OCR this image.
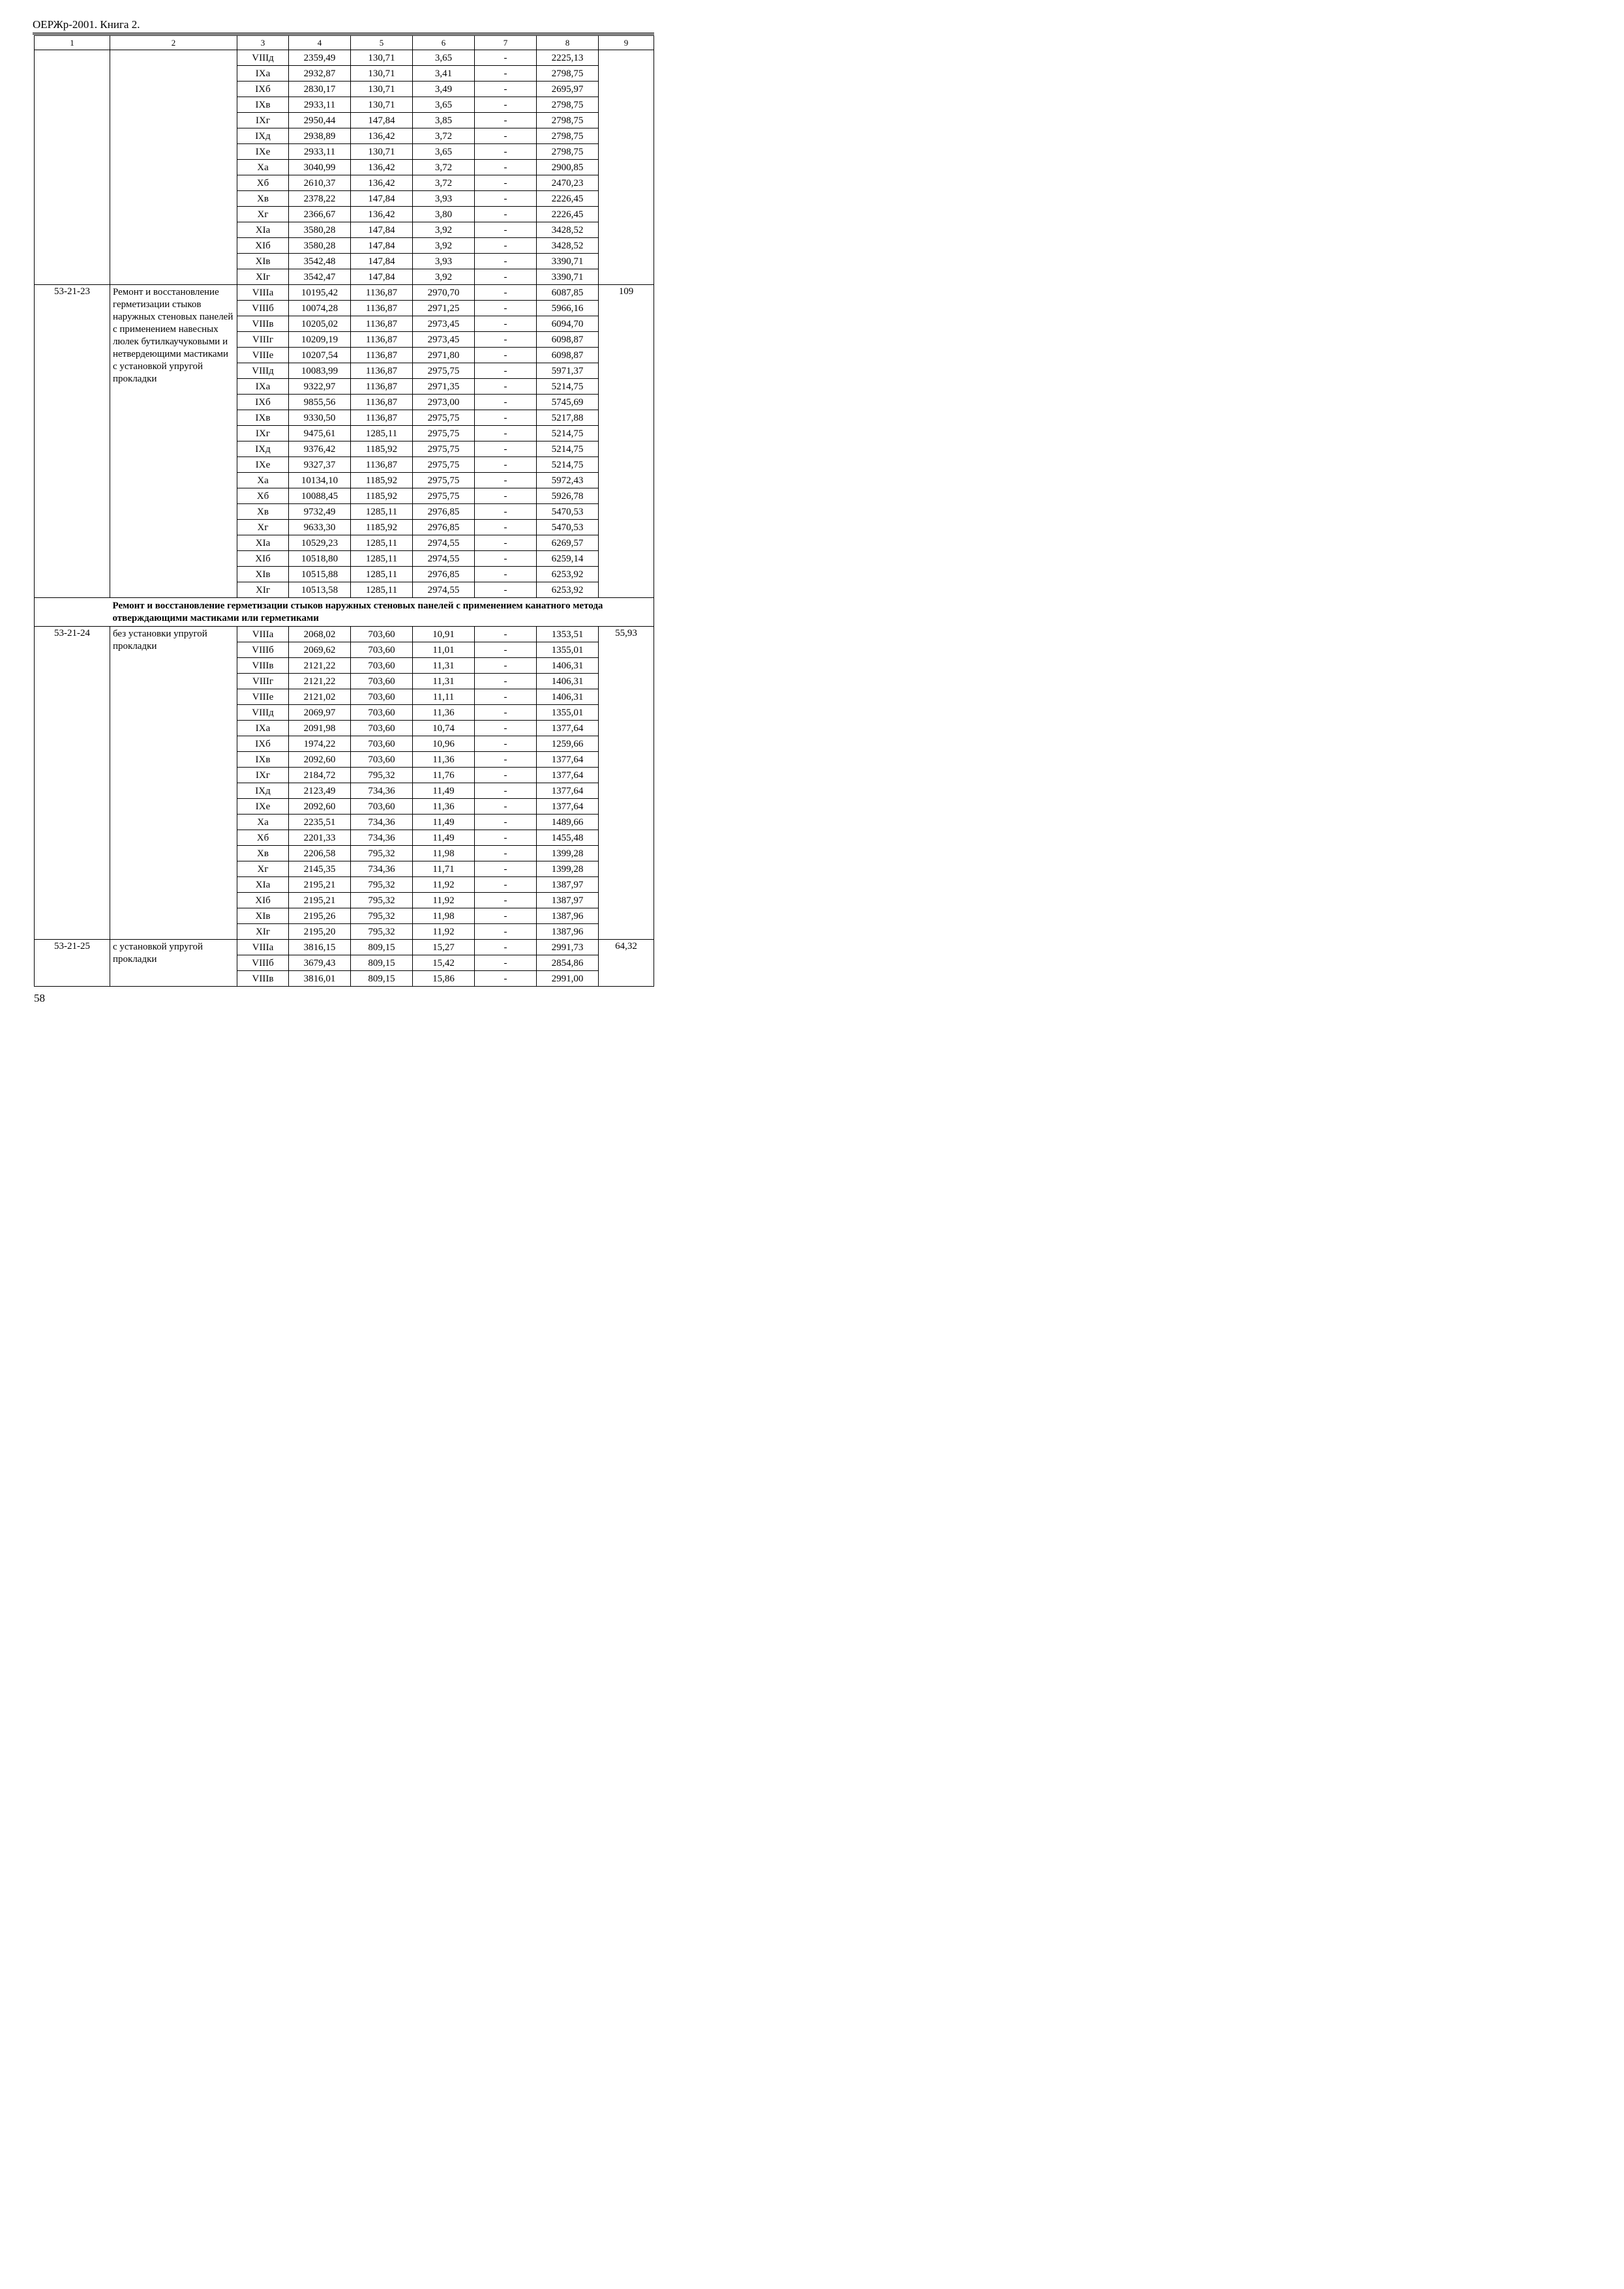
ОЕРЖр-2001. Книга 2.
1	2	3	4	5	6	7	8	9
		VIIIд	2359,49	130,71	3,65	-	2225,13	
		IXа	2932,87	130,71	3,41	-	2798,75	
		IXб	2830,17	130,71	3,49	-	2695,97	
		IXв	2933,11	130,71	3,65	-	2798,75	
		IXг	2950,44	147,84	3,85	-	2798,75	
		IXд	2938,89	136,42	3,72	-	2798,75	
		IXе	2933,11	130,71	3,65	-	2798,75	
		Xа	3040,99	136,42	3,72	-	2900,85	
		Xб	2610,37	136,42	3,72	-	2470,23	
		Xв	2378,22	147,84	3,93	-	2226,45	
		Xг	2366,67	136,42	3,80	-	2226,45	
		XIа	3580,28	147,84	3,92	-	3428,52	
		XIб	3580,28	147,84	3,92	-	3428,52	
		XIв	3542,48	147,84	3,93	-	3390,71	
		XIг	3542,47	147,84	3,92	-	3390,71	
53-21-23	Ремонт и восстановление герметизации стыков наружных стеновых панелей с применением навесных люлек бутилкаучуковыми и нетвердеющими мастиками с установкой упругой прокладки	VIIIа	10195,42	1136,87	2970,70	-	6087,85	109
		VIIIб	10074,28	1136,87	2971,25	-	5966,16	
		VIIIв	10205,02	1136,87	2973,45	-	6094,70	
		VIIIг	10209,19	1136,87	2973,45	-	6098,87	
		VIIIе	10207,54	1136,87	2971,80	-	6098,87	
		VIIIд	10083,99	1136,87	2975,75	-	5971,37	
		IXа	9322,97	1136,87	2971,35	-	5214,75	
		IXб	9855,56	1136,87	2973,00	-	5745,69	
		IXв	9330,50	1136,87	2975,75	-	5217,88	
		IXг	9475,61	1285,11	2975,75	-	5214,75	
		IXд	9376,42	1185,92	2975,75	-	5214,75	
		IXе	9327,37	1136,87	2975,75	-	5214,75	
		Xа	10134,10	1185,92	2975,75	-	5972,43	
		Xб	10088,45	1185,92	2975,75	-	5926,78	
		Xв	9732,49	1285,11	2976,85	-	5470,53	
		Xг	9633,30	1185,92	2976,85	-	5470,53	
		XIа	10529,23	1285,11	2974,55	-	6269,57	
		XIб	10518,80	1285,11	2974,55	-	6259,14	
		XIв	10515,88	1285,11	2976,85	-	6253,92	
		XIг	10513,58	1285,11	2974,55	-	6253,92	
	Ремонт и восстановление герметизации стыков наружных стеновых панелей с применением канатного метода отверждающими мастиками или герметиками							
53-21-24	без установки упругой прокладки	VIIIа	2068,02	703,60	10,91	-	1353,51	55,93
		VIIIб	2069,62	703,60	11,01	-	1355,01	
		VIIIв	2121,22	703,60	11,31	-	1406,31	
		VIIIг	2121,22	703,60	11,31	-	1406,31	
		VIIIе	2121,02	703,60	11,11	-	1406,31	
		VIIIд	2069,97	703,60	11,36	-	1355,01	
		IXа	2091,98	703,60	10,74	-	1377,64	
		IXб	1974,22	703,60	10,96	-	1259,66	
		IXв	2092,60	703,60	11,36	-	1377,64	
		IXг	2184,72	795,32	11,76	-	1377,64	
		IXд	2123,49	734,36	11,49	-	1377,64	
		IXе	2092,60	703,60	11,36	-	1377,64	
		Xа	2235,51	734,36	11,49	-	1489,66	
		Xб	2201,33	734,36	11,49	-	1455,48	
		Xв	2206,58	795,32	11,98	-	1399,28	
		Xг	2145,35	734,36	11,71	-	1399,28	
		XIа	2195,21	795,32	11,92	-	1387,97	
		XIб	2195,21	795,32	11,92	-	1387,97	
		XIв	2195,26	795,32	11,98	-	1387,96	
		XIг	2195,20	795,32	11,92	-	1387,96	
53-21-25	с установкой упругой прокладки	VIIIа	3816,15	809,15	15,27	-	2991,73	64,32
		VIIIб	3679,43	809,15	15,42	-	2854,86	
		VIIIв	3816,01	809,15	15,86	-	2991,00	
58
